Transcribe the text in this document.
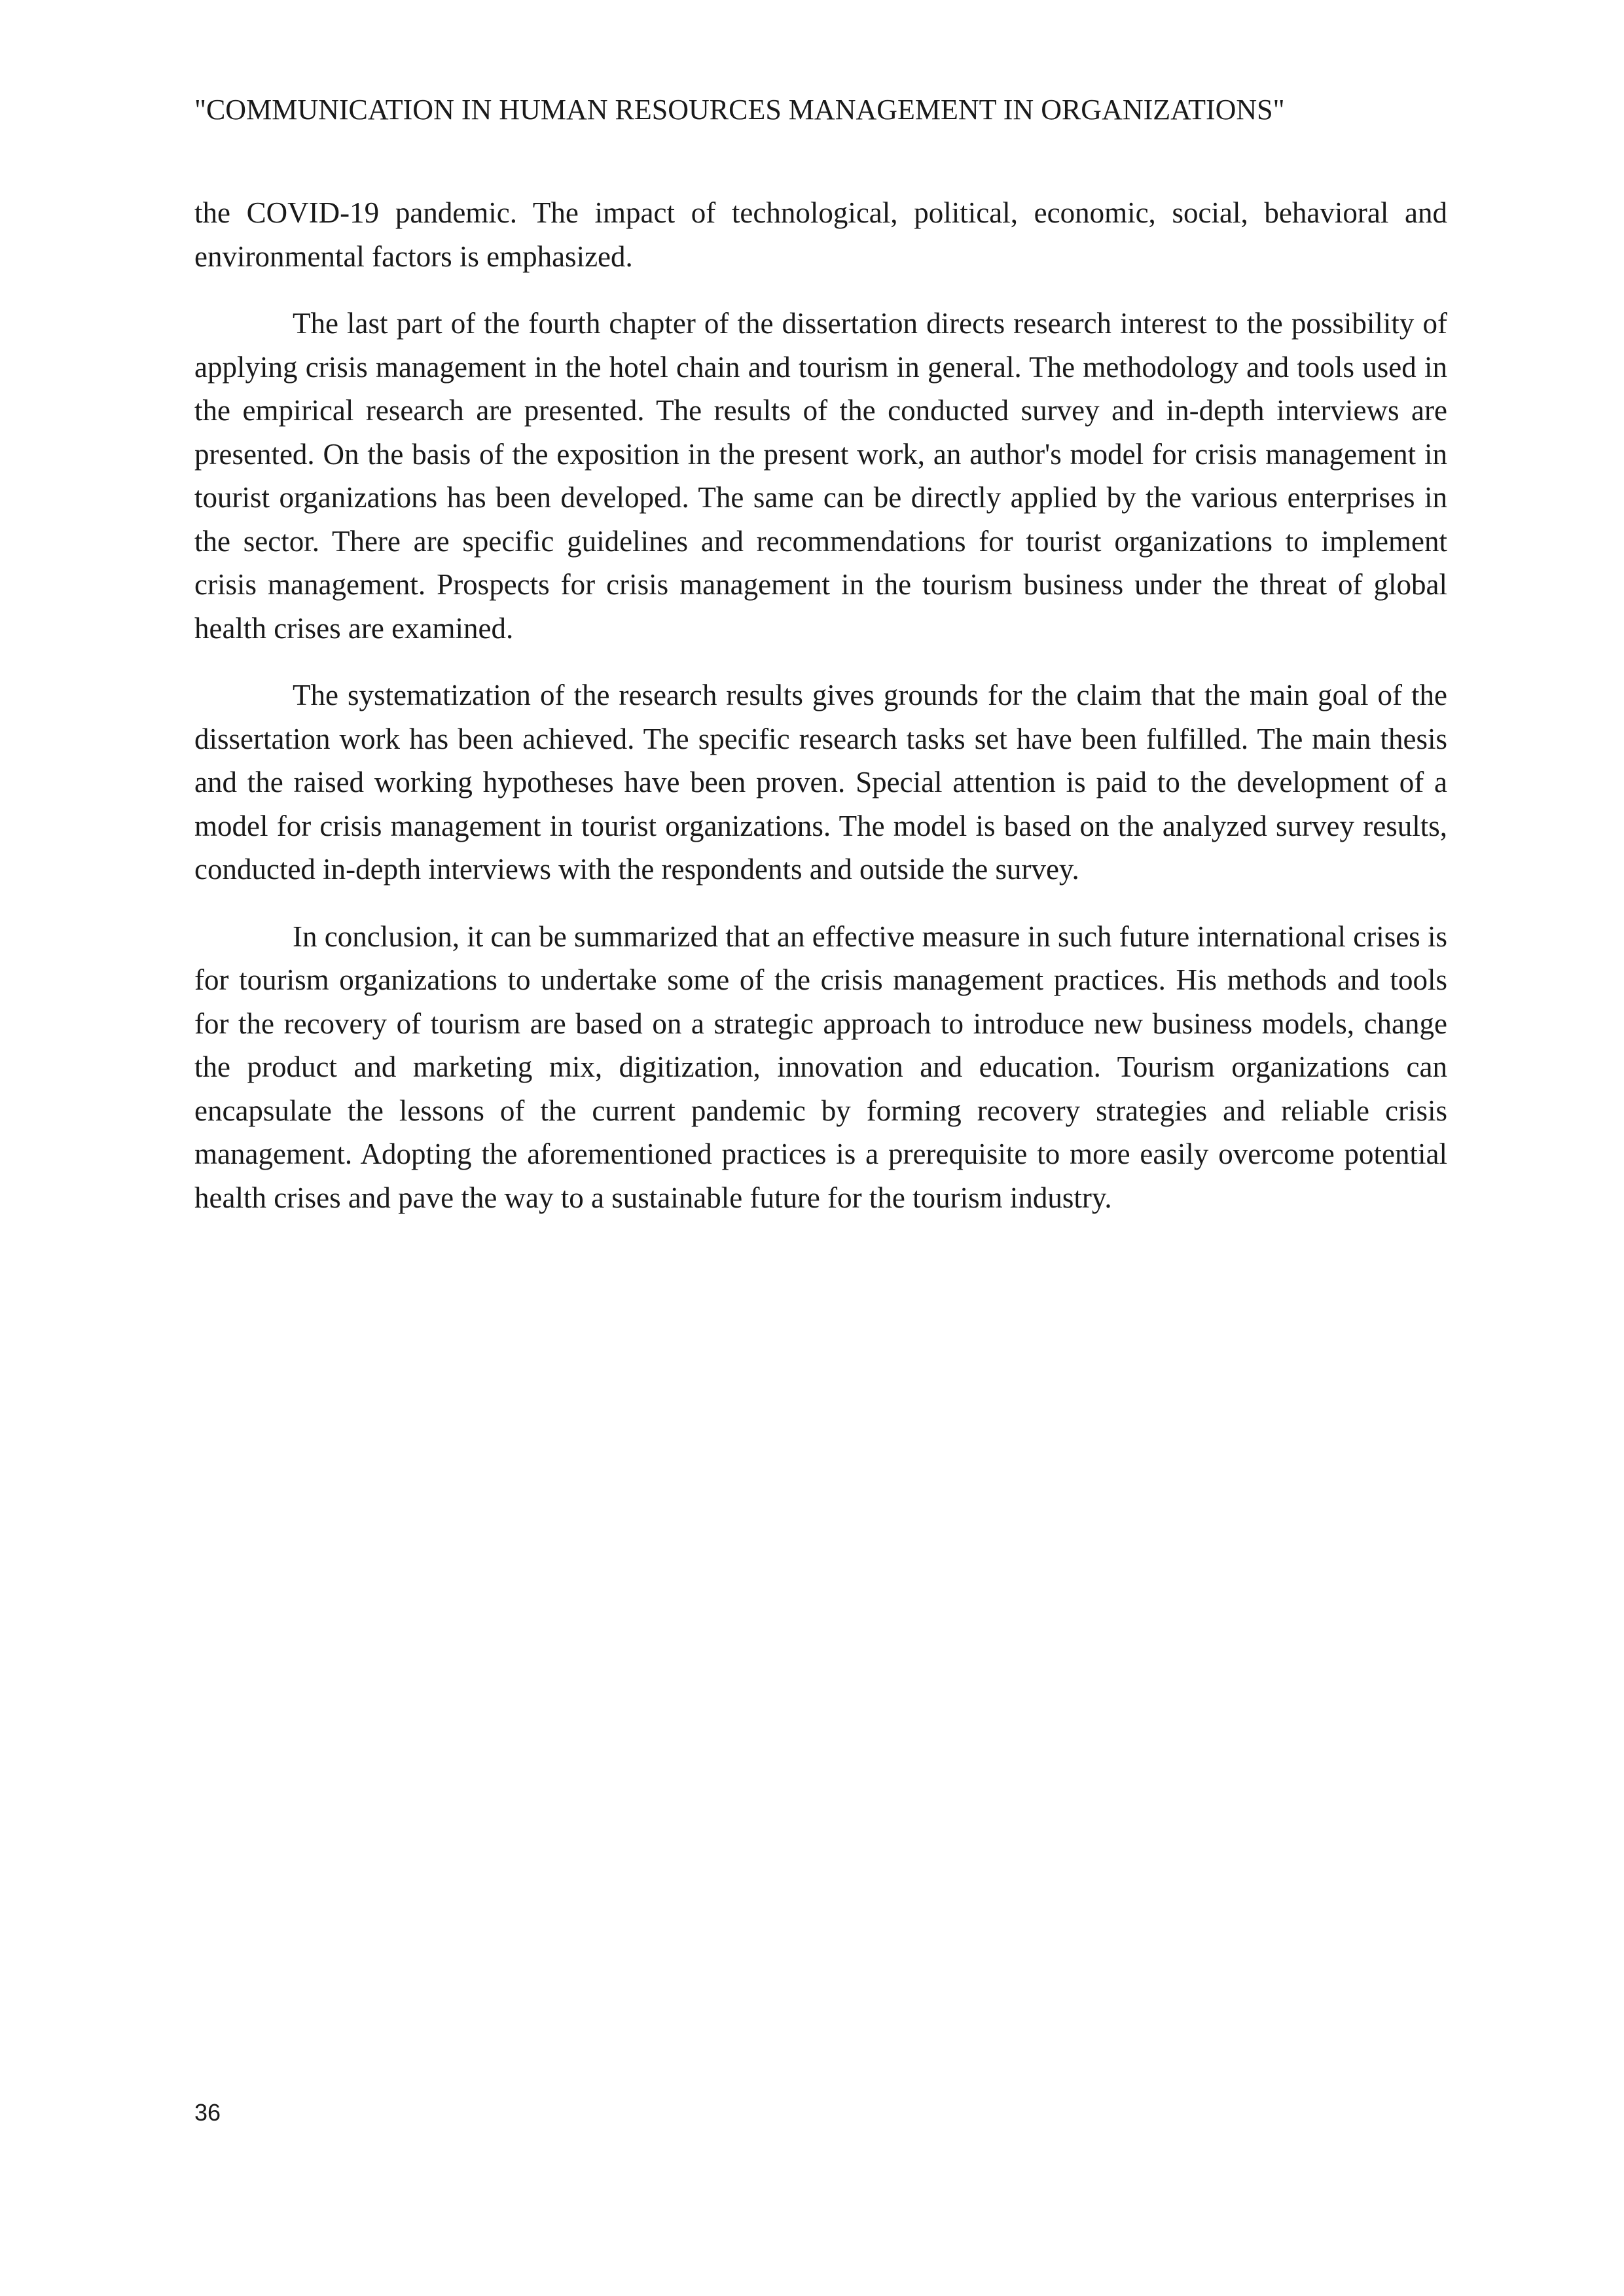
"COMMUNICATION IN HUMAN RESOURCES MANAGEMENT IN ORGANIZATIONS"

the COVID-19 pandemic. The impact of technological, political, economic, social, behavioral and environmental factors is emphasized.

The last part of the fourth chapter of the dissertation directs research interest to the possibility of applying crisis management in the hotel chain and tourism in general. The methodology and tools used in the empirical research are presented. The results of the conducted survey and in-depth interviews are presented. On the basis of the exposition in the present work, an author's model for crisis management in tourist organizations has been developed. The same can be directly applied by the various enterprises in the sector. There are specific guidelines and recommendations for tourist organizations to implement crisis management. Prospects for crisis management in the tourism business under the threat of global health crises are examined.

The systematization of the research results gives grounds for the claim that the main goal of the dissertation work has been achieved. The specific research tasks set have been fulfilled. The main thesis and the raised working hypotheses have been proven. Special attention is paid to the development of a model for crisis management in tourist organizations. The model is based on the analyzed survey results, conducted in-depth interviews with the respondents and outside the survey.

In conclusion, it can be summarized that an effective measure in such future international crises is for tourism organizations to undertake some of the crisis management practices. His methods and tools for the recovery of tourism are based on a strategic approach to introduce new business models, change the product and marketing mix, digitization, innovation and education. Tourism organizations can encapsulate the lessons of the current pandemic by forming recovery strategies and reliable crisis management. Adopting the aforementioned practices is a prerequisite to more easily overcome potential health crises and pave the way to a sustainable future for the tourism industry.

36
